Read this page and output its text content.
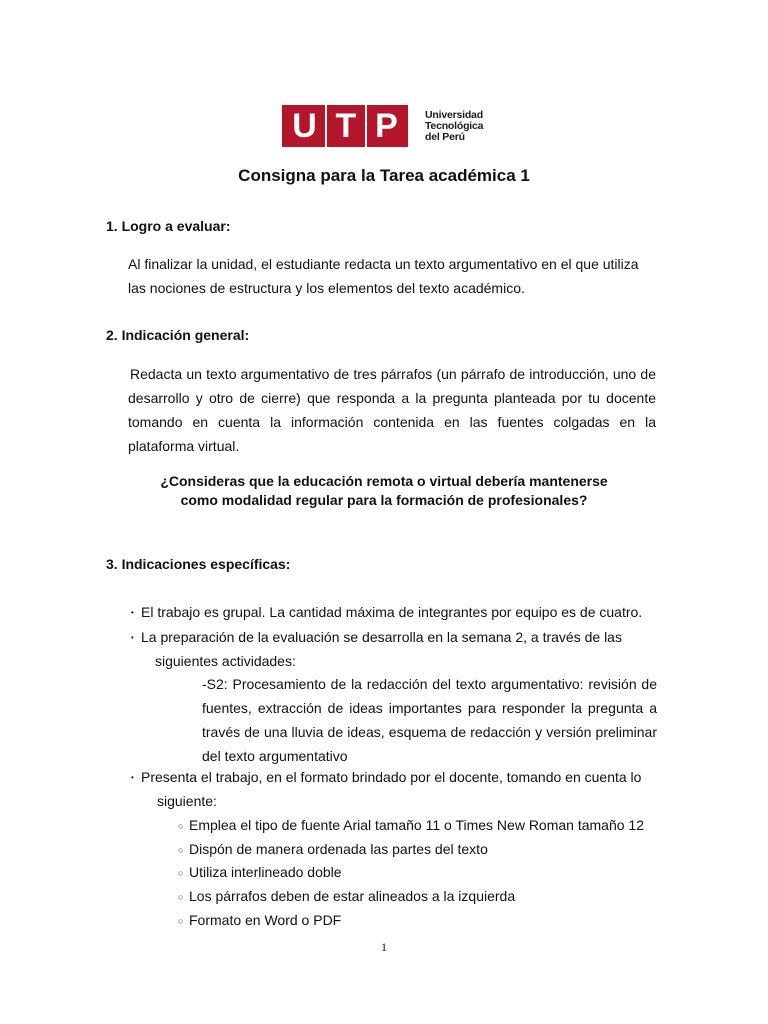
U T P	Universidad
Tecnológica
del Perú
Consigna para la Tarea académica 1
1. Logro a evaluar:
Al finalizar la unidad, el estudiante redacta un texto argumentativo en el que utiliza
las nociones de estructura y los elementos del texto académico.
2. Indicación general:
Redacta un texto argumentativo de tres párrafos (un párrafo de introducción, uno de desarrollo y otro de cierre) que responda a la pregunta planteada por tu docente tomando en cuenta la información contenida en las fuentes colgadas en la plataforma virtual.
¿Consideras que la educación remota o virtual debería mantenerse
como modalidad regular para la formación de profesionales?
3. Indicaciones específicas:
• El trabajo es grupal. La cantidad máxima de integrantes por equipo es de cuatro.
• La preparación de la evaluación se desarrolla en la semana 2, a través de las
siguientes actividades:
-S2: Procesamiento de la redacción del texto argumentativo: revisión de fuentes, extracción de ideas importantes para responder la pregunta a través de una lluvia de ideas, esquema de redacción y versión preliminar del texto argumentativo
• Presenta el trabajo, en el formato brindado por el docente, tomando en cuenta lo
siguiente:
○ Emplea el tipo de fuente Arial tamaño 11 o Times New Roman tamaño 12
○ Dispón de manera ordenada las partes del texto
○ Utiliza interlineado doble
○ Los párrafos deben de estar alineados a la izquierda
○ Formato en Word o PDF
1
